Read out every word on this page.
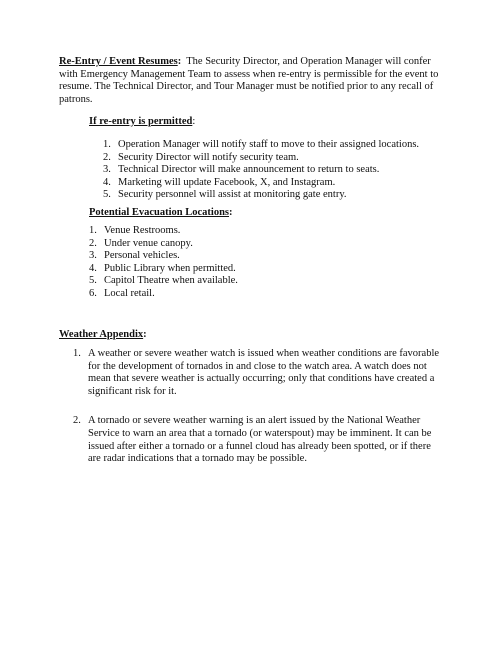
Re-Entry / Event Resumes:  The Security Director, and Operation Manager will confer with Emergency Management Team to assess when re-entry is permissible for the event to resume. The Technical Director, and Tour Manager must be notified prior to any recall of patrons.
If re-entry is permitted:
1. Operation Manager will notify staff to move to their assigned locations.
2. Security Director will notify security team.
3. Technical Director will make announcement to return to seats.
4. Marketing will update Facebook, X, and Instagram.
5. Security personnel will assist at monitoring gate entry.
Potential Evacuation Locations:
1. Venue Restrooms.
2. Under venue canopy.
3. Personal vehicles.
4. Public Library when permitted.
5. Capitol Theatre when available.
6. Local retail.
Weather Appendix:
1. A weather or severe weather watch is issued when weather conditions are favorable for the development of tornados in and close to the watch area. A watch does not mean that severe weather is actually occurring; only that conditions have created a significant risk for it.
2. A tornado or severe weather warning is an alert issued by the National Weather Service to warn an area that a tornado (or waterspout) may be imminent. It can be issued after either a tornado or a funnel cloud has already been spotted, or if there are radar indications that a tornado may be possible.
